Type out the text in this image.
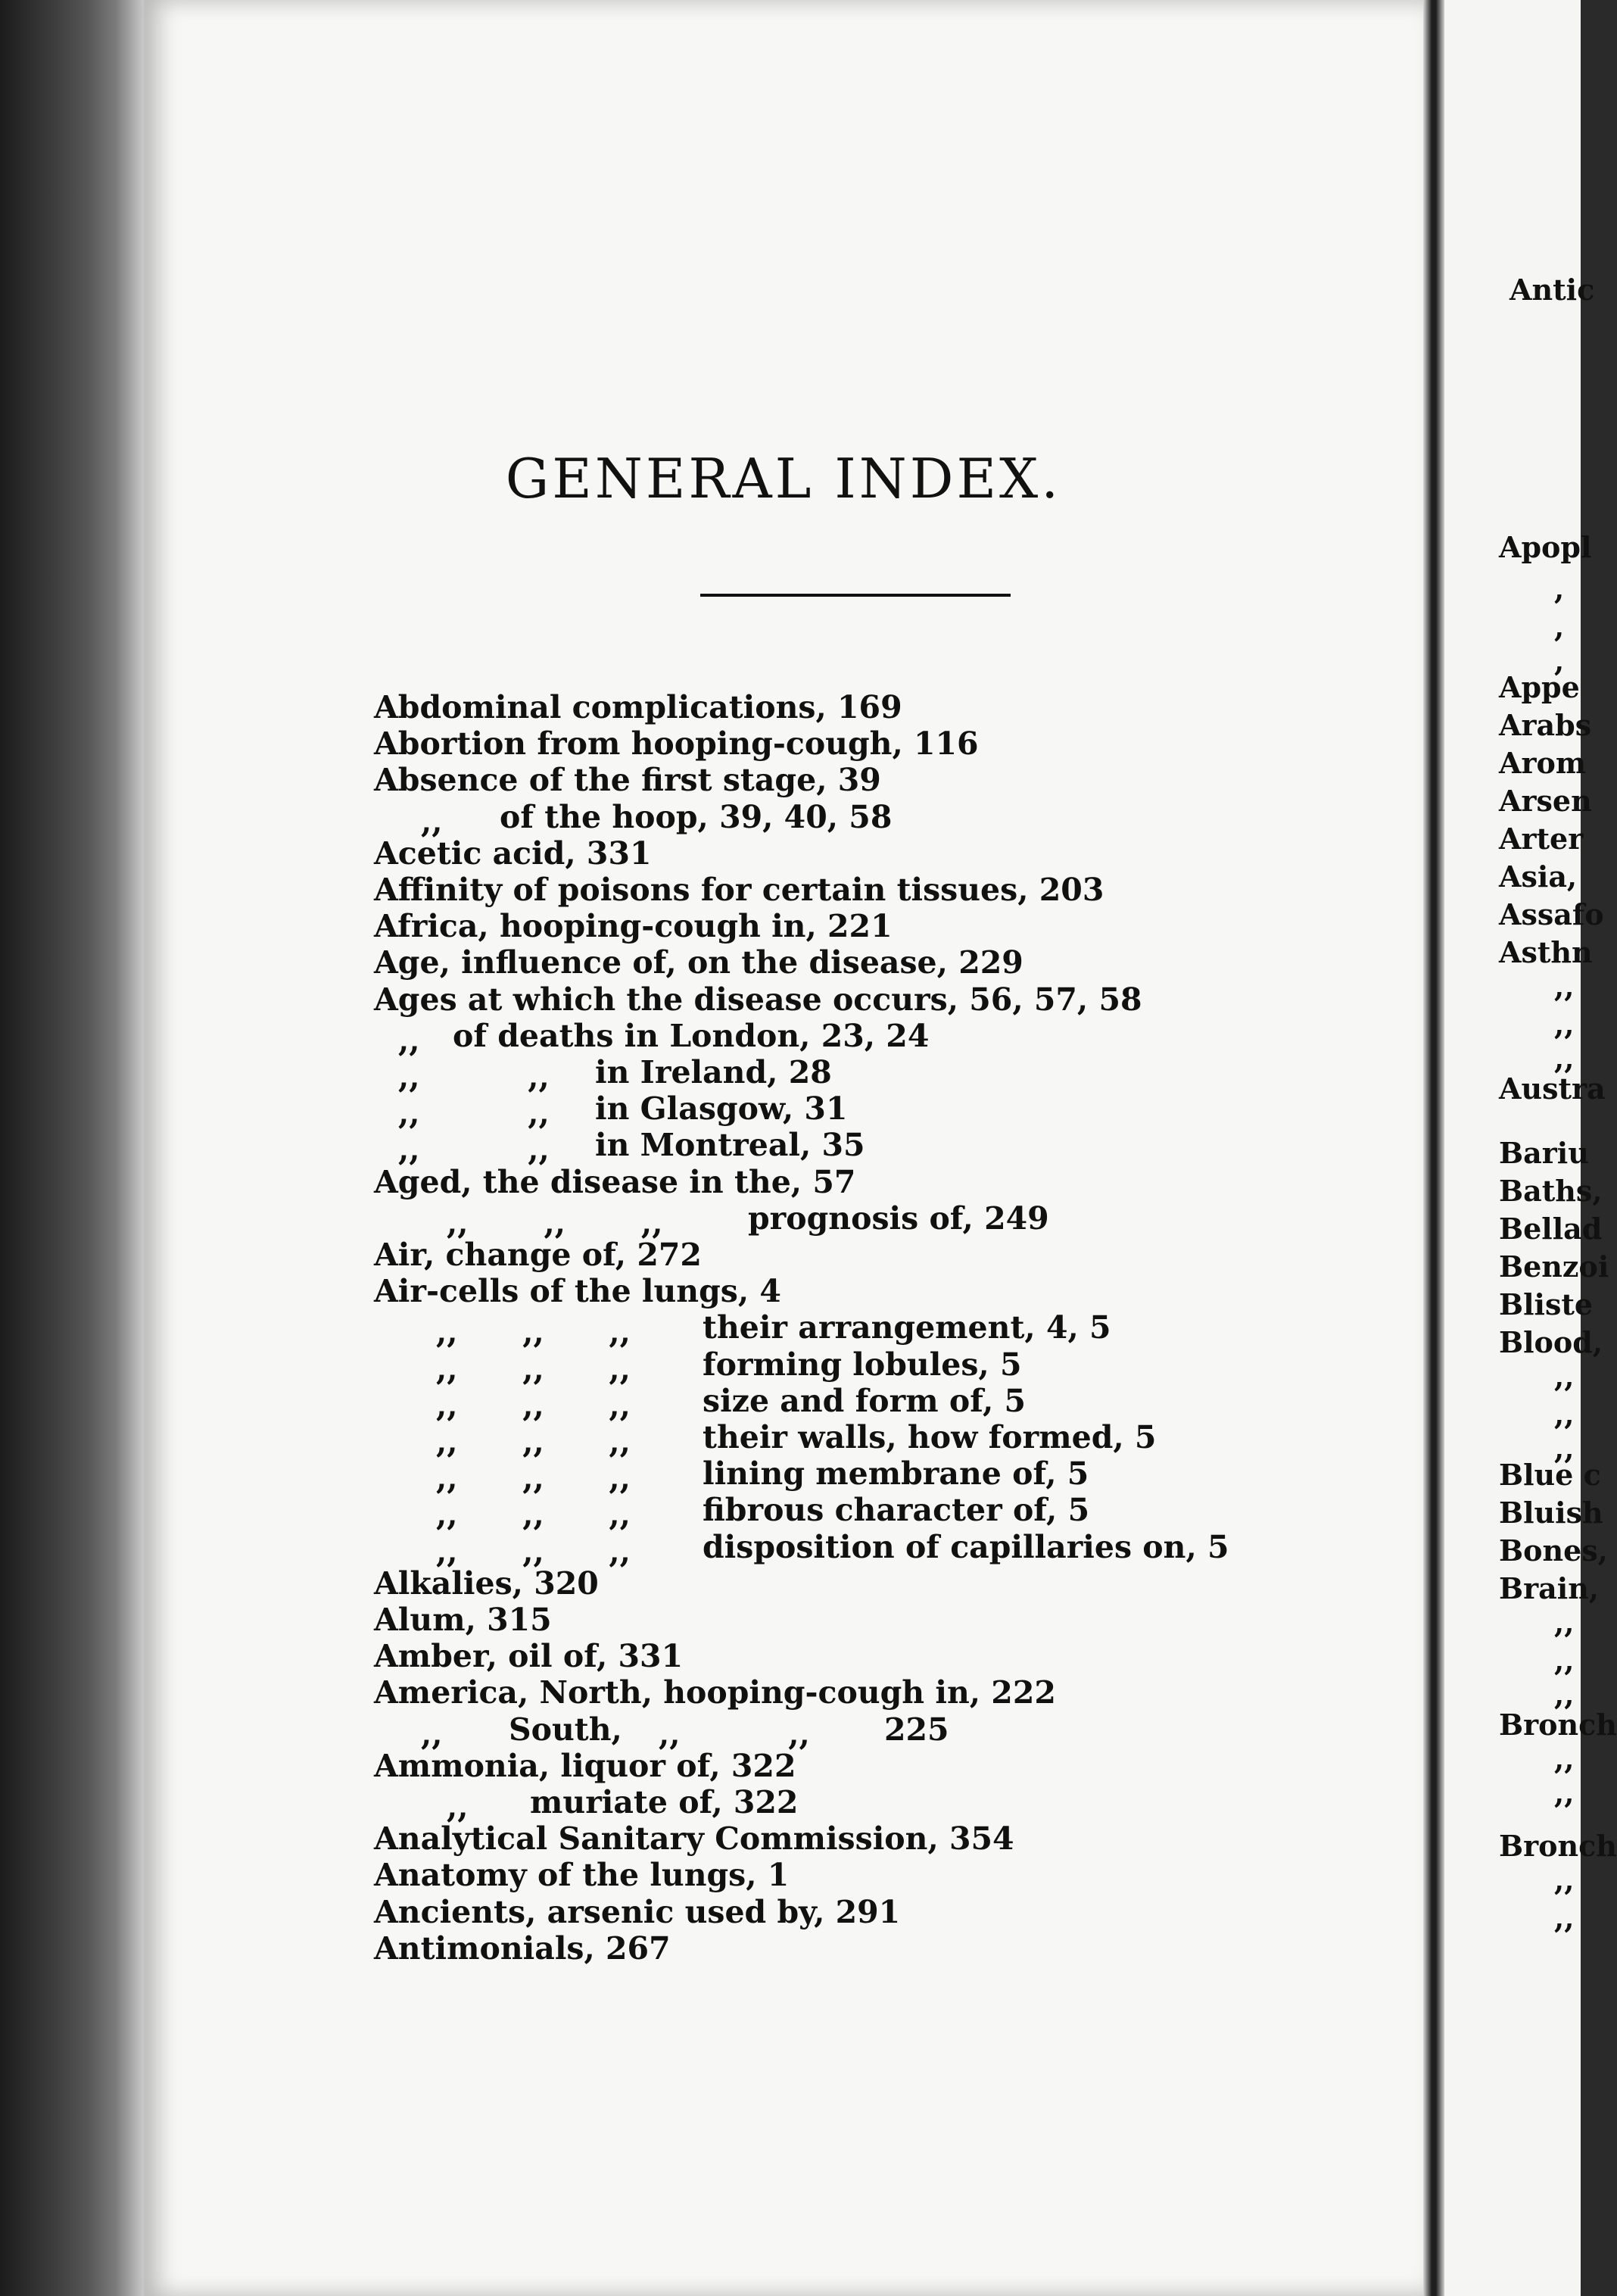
GENERAL INDEX.
Abdominal complications, 169
Abortion from hooping-cough, 116
Absence of the first stage, 39
,, of the hoop, 39, 40, 58
Acetic acid, 331
Affinity of poisons for certain tissues, 203
Africa, hooping-cough in, 221
Age, influence of, on the disease, 229
Ages at which the disease occurs, 56, 57, 58
,, of deaths in London, 23, 24
,,          ,, in Ireland, 28
,,          ,, in Glasgow, 31
,,          ,, in Montreal, 35
Aged, the disease in the, 57
,,       ,,       ,,	prognosis of, 249
Air, change of, 272
Air-cells of the lungs, 4
,,      ,,      ,, their arrangement, 4, 5
,,      ,,      ,, forming lobules, 5
,,      ,,      ,, size and form of, 5
,,      ,,      ,, their walls, how formed, 5
,,      ,,      ,, lining membrane of, 5
,,      ,,      ,, fibrous character of, 5
,,      ,,      ,, disposition of capillaries on, 5
Alkalies, 320
Alum, 315
Amber, oil of, 331
America, North, hooping-cough in, 222
,, South, ,,          ,, 225
Ammonia, liquor of, 322
,, muriate of, 322
Analytical Sanitary Commission, 354
Anatomy of the lungs, 1
Ancients, arsenic used by, 291
Antimonials, 267
Antic
Apopl
Appe
Arabs
Arom
Arsen
Arter
Asia,
Assafo
Asthn
Austra
Bariu
Baths,
Bellad
Benzoi
Bliste
Blood,
Blue c
Bluish
Bones,
Brain,
Bronch
Bronch
,
,
,
,,
,,
,,
,,
,,
,,
,,
,,
,,
,,
,,
,,
,,
